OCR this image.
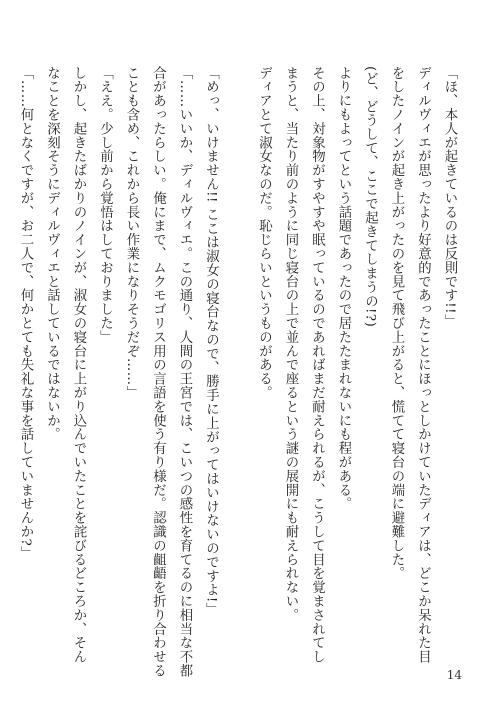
「ほ、本人が起きているのは反則です!!」
ディルヴィエが思ったより好意的であったことにほっとしかけていたディアは、どこか呆れた目
をしたノインが起き上がったのを見て飛び上がると、慌てて寝台の端に避難した。
(ど、どうして、ここで起きてしまうの!?)
よりにもよってという話題であったので居たたまれないにも程がある。
その上、対象物がすやすや眠っているのであればまだ耐えられるが、こうして目を覚まされてし
まうと、当たり前のように同じ寝台の上で並んで座るという謎の展開にも耐えられない。
ディアとて淑女なのだ。恥じらいというものがある。
「めっ、いけません!! ここは淑女の寝台なので、勝手に上がってはいけないのですよ!」
「……いいか、ディルヴィエ。この通り、人間の王宮では、こいつの感性を育てるのに相当な不都
合があったらしい。俺にまで、ムクモゴリス用の言語を使う有り様だ。認識の齟齬を折り合わせる
ことも含め、これから長い作業になりそうだぞ……」
「ええ。少し前から覚悟はしておりました」
しかし、起きたばかりのノインが、淑女の寝台に上がり込んでいたことを詫びるどころか、そん
なことを深刻そうにディルヴィエと話しているではないか。
「……何となくですが、お二人で、何かとても失礼な事を話していませんか?」
14
